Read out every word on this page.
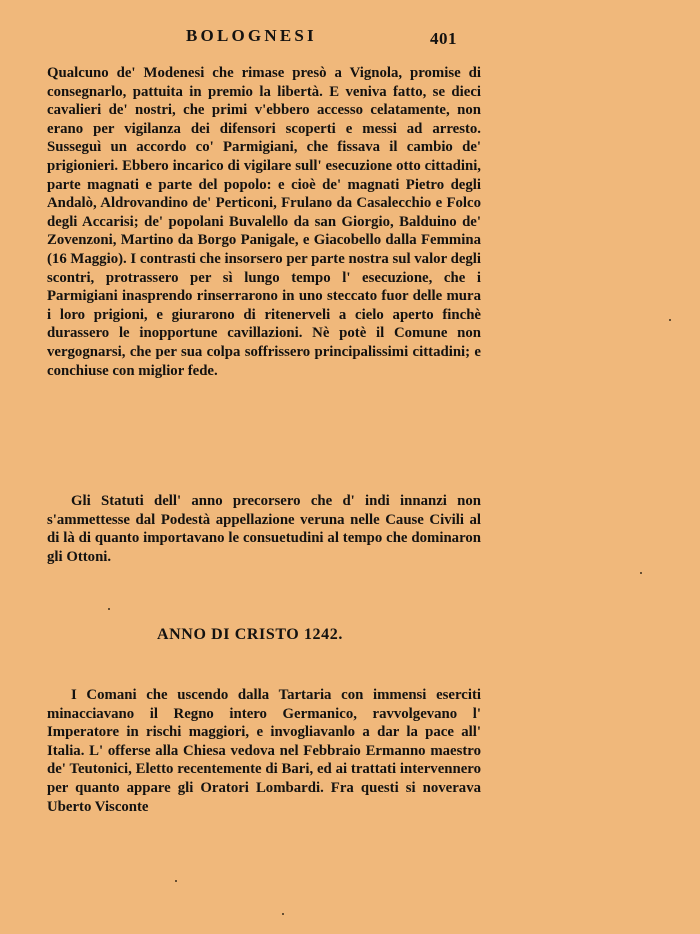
BOLOGNESI	401

Qualcuno de' Modenesi che rimase presò a Vignola, promise di consegnarlo, pattuita in premio la libertà. E veniva fatto, se dieci cavalieri de' nostri, che primi v'ebbero accesso celatamente, non erano per vigilanza dei difensori scoperti e messi ad arresto. Susseguì un accordo co' Parmigiani, che fissava il cambio de' prigionieri. Ebbero incarico di vigilare sull' esecuzione otto cittadini, parte magnati e parte del popolo: e cioè de' magnati Pietro degli Andalò, Aldrovandino de' Perticoni, Frulano da Casalecchio e Folco degli Accarisi; de' popolani Buvalello da san Giorgio, Balduino de' Zovenzoni, Martino da Borgo Panigale, e Giacobello dalla Femmina (16 Maggio). I contrasti che insorsero per parte nostra sul valor degli scontri, protrassero per sì lungo tempo l' esecuzione, che i Parmigiani inasprendo rinserrarono in uno steccato fuor delle mura i loro prigioni, e giurarono di ritenerveli a cielo aperto finchè durassero le inopportune cavillazioni. Nè potè il Comune non vergognarsi, che per sua colpa soffrissero principalissimi cittadini; e conchiuse con miglior fede.

Gli Statuti dell' anno precorsero che d' indi innanzi non s'ammettesse dal Podestà appellazione veruna nelle Cause Civili al di là di quanto importavano le consuetudini al tempo che dominaron gli Ottoni.

ANNO DI CRISTO 1242.

I Comani che uscendo dalla Tartaria con immensi eserciti minacciavano il Regno intero Germanico, ravvolgevano l' Imperatore in rischi maggiori, e invogliavanlo a dar la pace all' Italia. L' offerse alla Chiesa vedova nel Febbraio Ermanno maestro de' Teutonici, Eletto recentemente di Bari, ed ai trattati intervennero per quanto appare gli Oratori Lombardi. Fra questi si noverava Uberto Visconte
